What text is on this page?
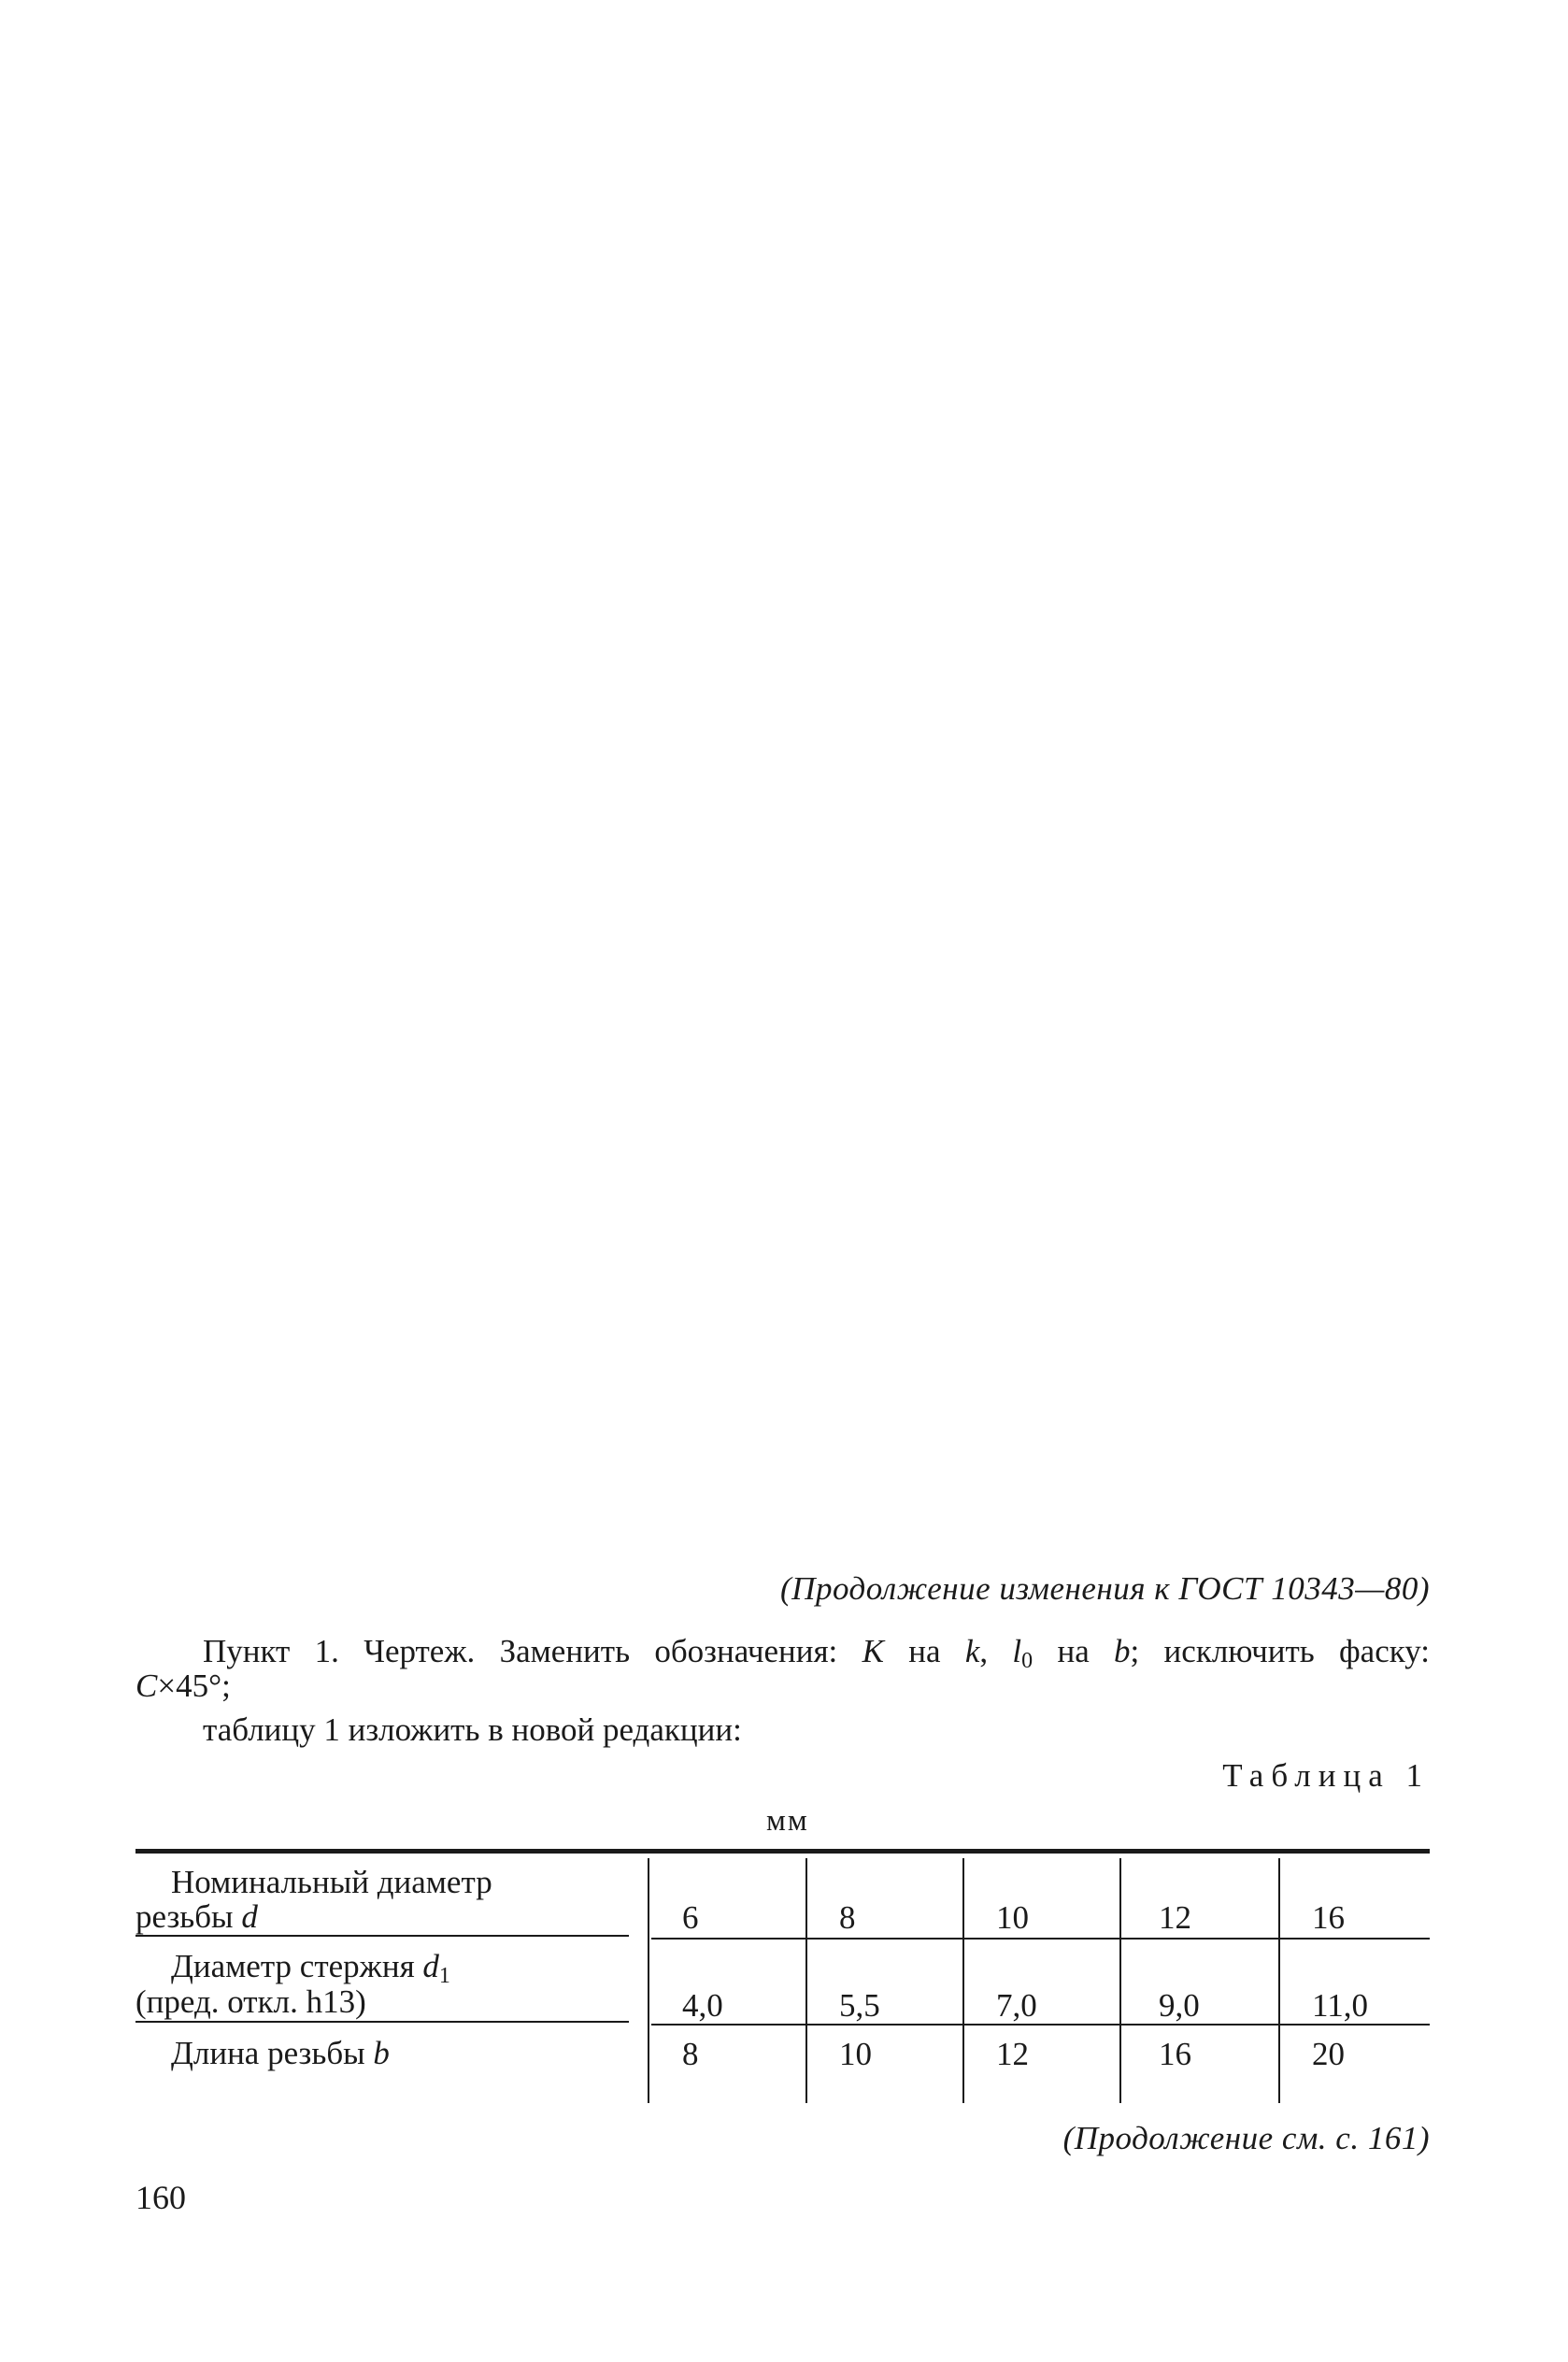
(Продолжение изменения к ГОСТ 10343—80)
Пункт 1. Чертеж. Заменить обозначения: K на k, $l_0$ на b; исключить фаску:
C×45°;
таблицу 1 изложить в новой редакции:
Таблица 1
мм
Номинальный диаметр
резьбы d	6	8	10	12	16
Диаметр стержня $d_1$
(пред. откл. h13)	4,0	5,5	7,0	9,0	11,0
Длина резьбы b	8	10	12	16	20
(Продолжение см. с. 161)
160
